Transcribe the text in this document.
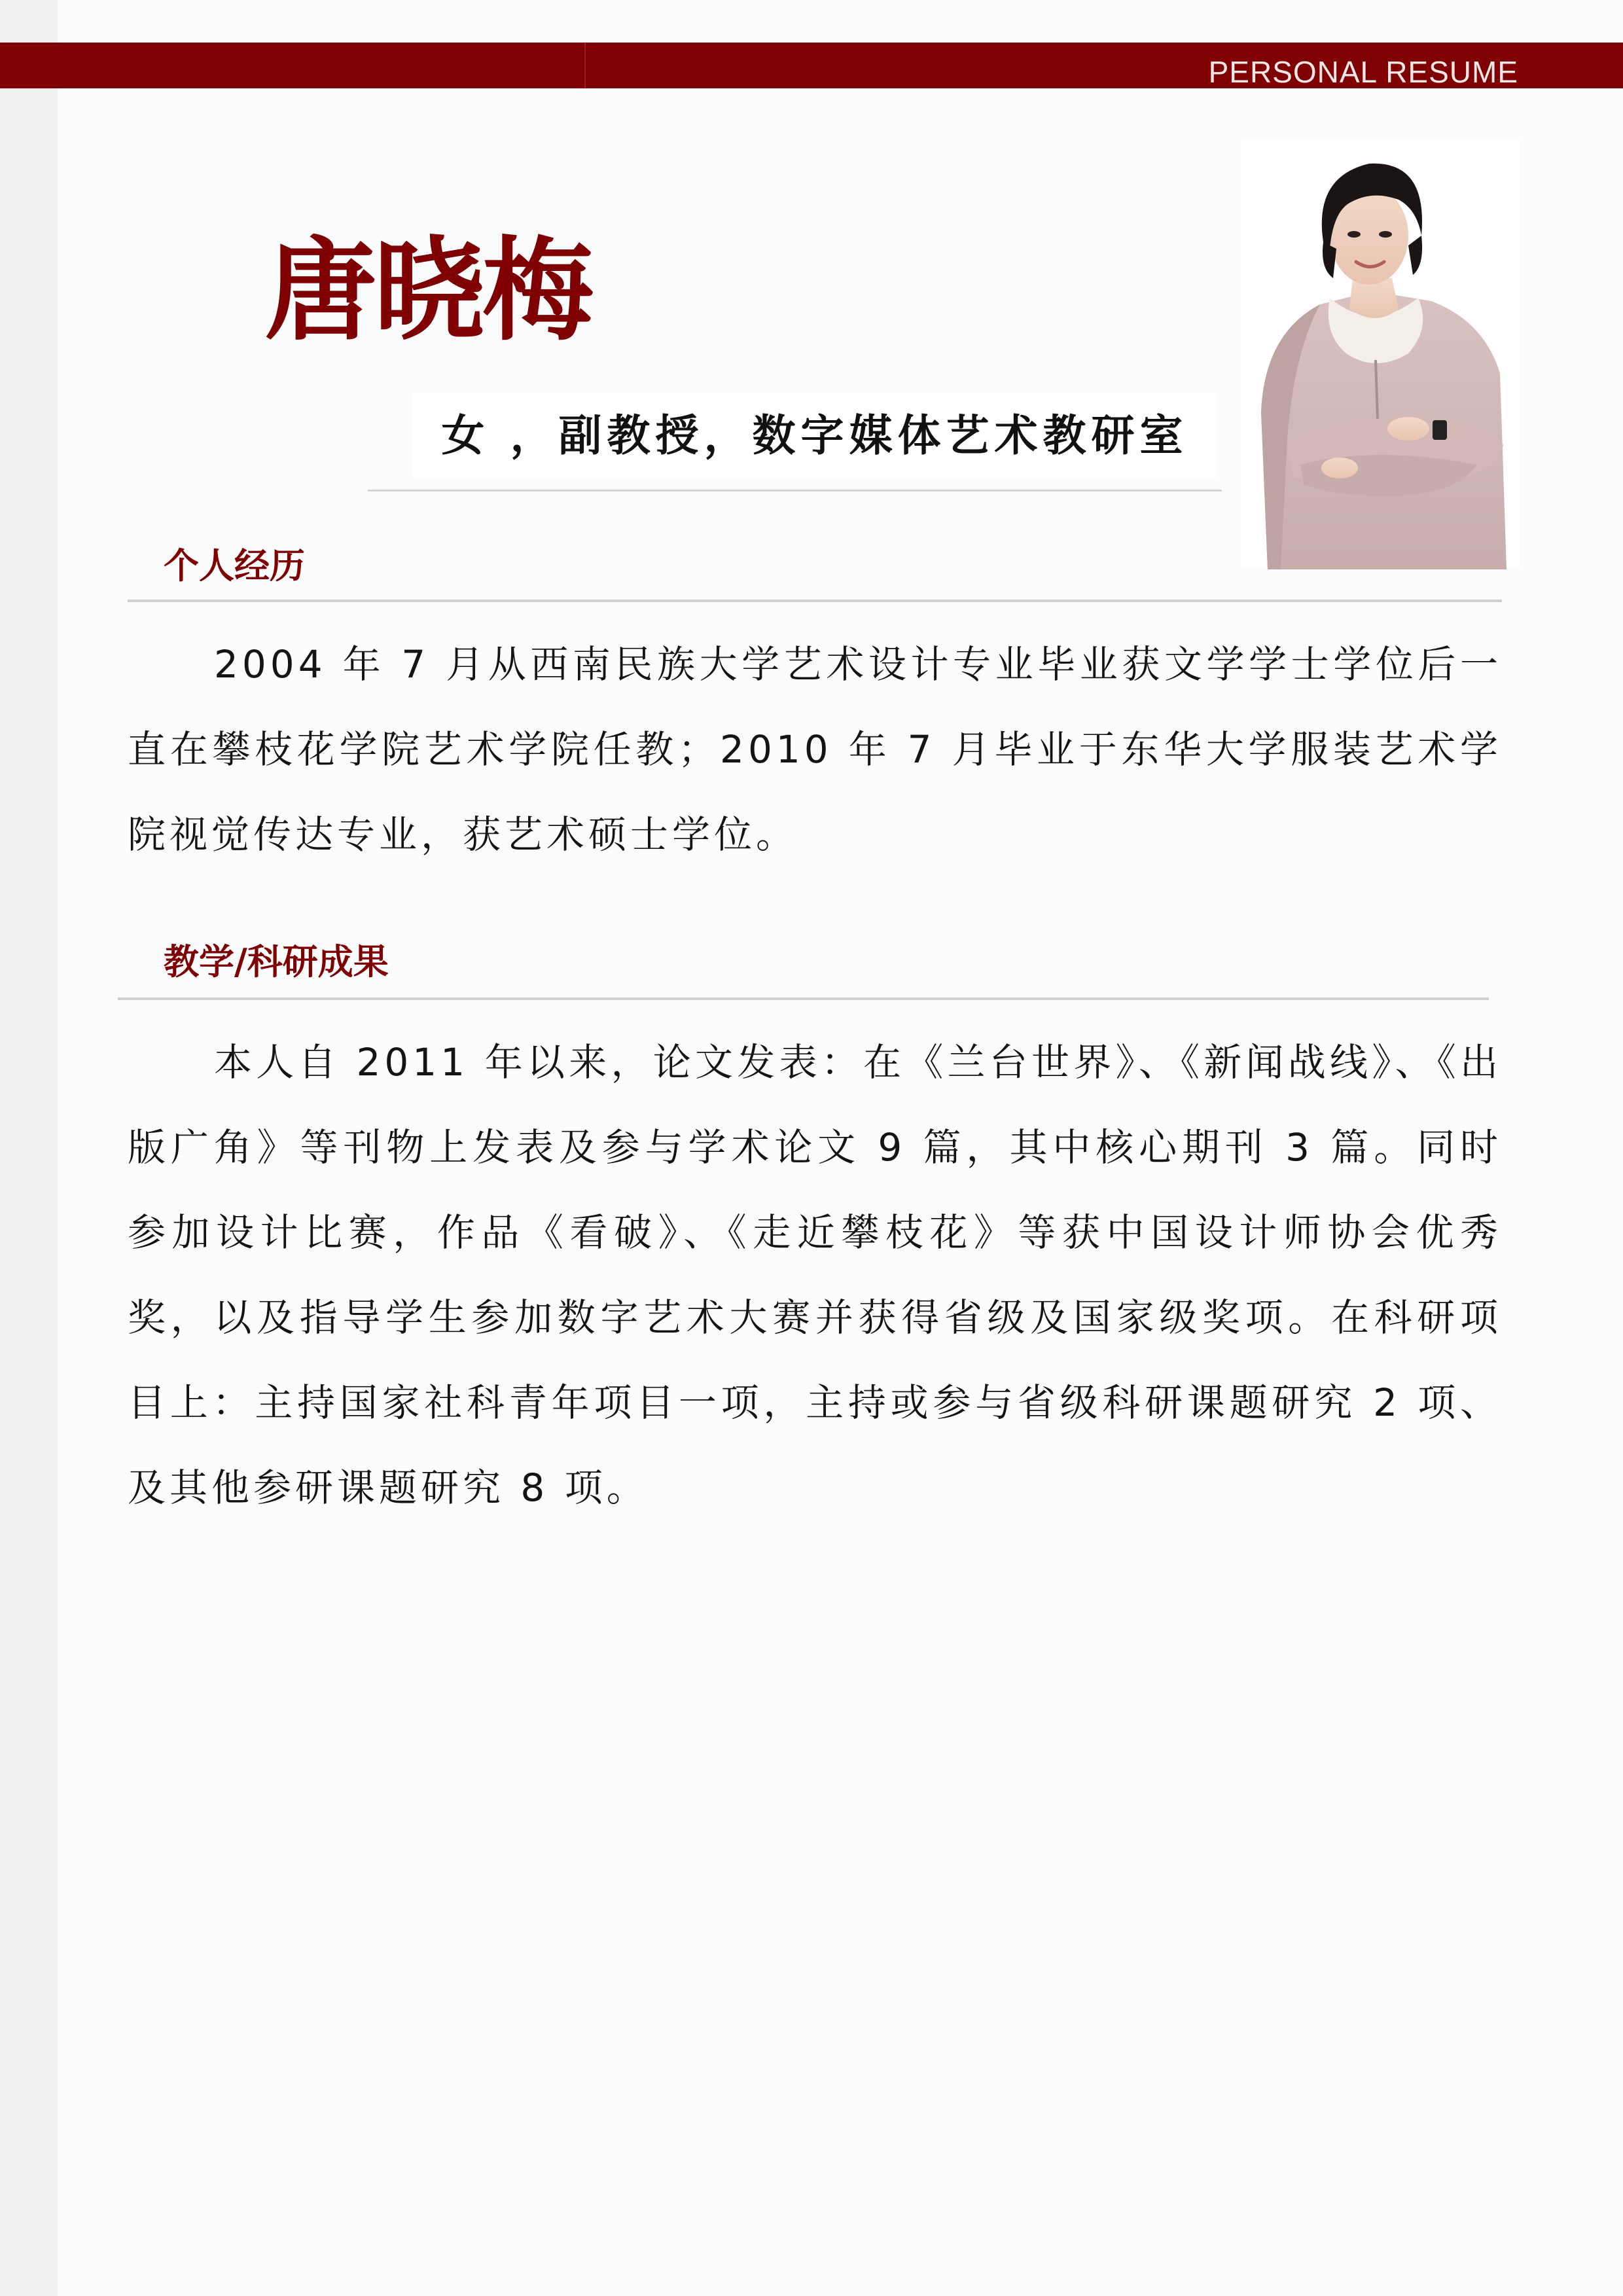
PERSONAL RESUME
唐晓梅
女 ，副教授，数字媒体艺术教研室
个人经历

2004 年 7 月从西南民族大学艺术设计专业毕业获文学学士学位后一直在攀枝花学院艺术学院任教；2010 年 7 月毕业于东华大学服装艺术学院视觉传达专业，获艺术硕士学位。

教学/科研成果

本人自 2011 年以来，论文发表：在《兰台世界》、《新闻战线》、《出版广角》等刊物上发表及参与学术论文 9 篇，其中核心期刊 3 篇。同时参加设计比赛，作品《看破》、《走近攀枝花》等获中国设计师协会优秀奖，以及指导学生参加数字艺术大赛并获得省级及国家级奖项。在科研项目上：主持国家社科青年项目一项，主持或参与省级科研课题研究 2 项、及其他参研课题研究 8 项。
